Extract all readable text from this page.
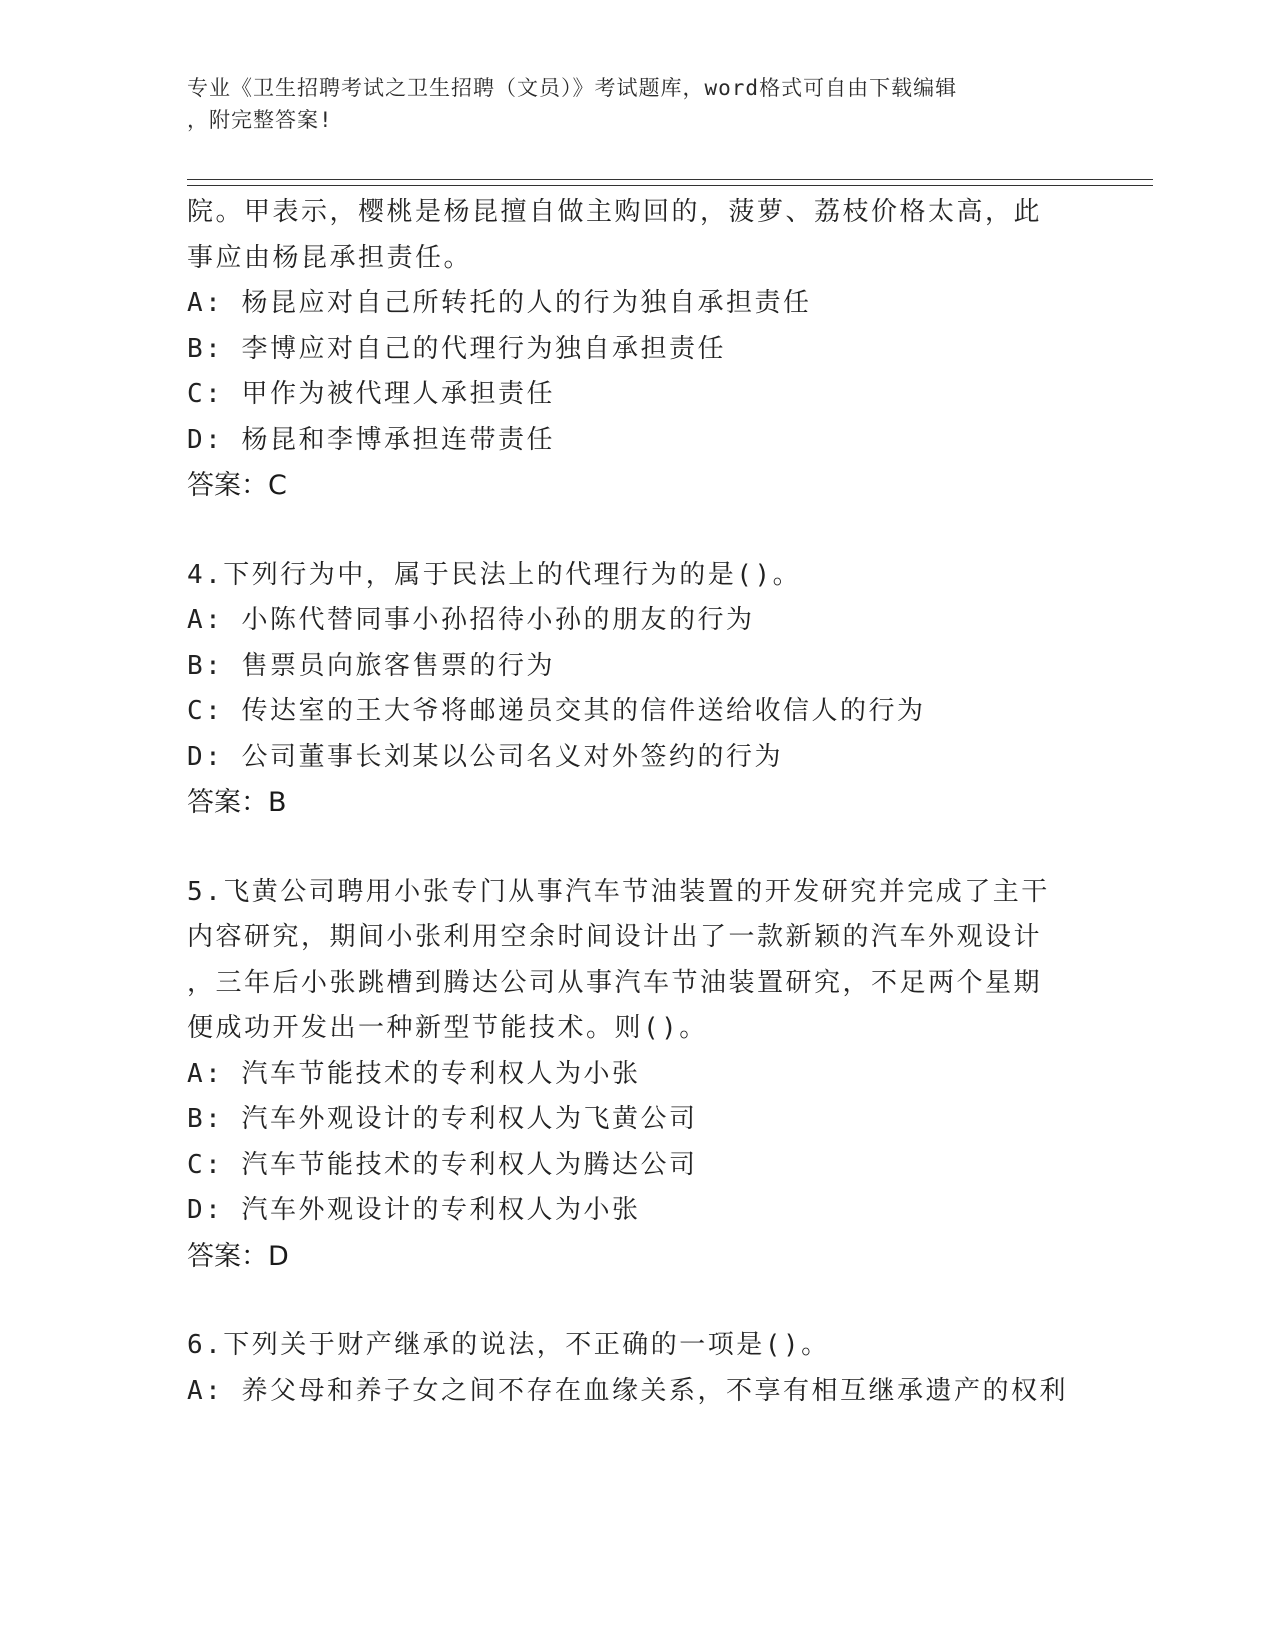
专业《卫生招聘考试之卫生招聘（文员）》考试题库，word格式可自由下载编辑
，附完整答案!
院。甲表示，樱桃是杨昆擅自做主购回的，菠萝、荔枝价格太高，此
事应由杨昆承担责任。
A: 杨昆应对自己所转托的人的行为独自承担责任
B: 李博应对自己的代理行为独自承担责任
C: 甲作为被代理人承担责任
D: 杨昆和李博承担连带责任
答案：C
4.下列行为中，属于民法上的代理行为的是()。
A: 小陈代替同事小孙招待小孙的朋友的行为
B: 售票员向旅客售票的行为
C: 传达室的王大爷将邮递员交其的信件送给收信人的行为
D: 公司董事长刘某以公司名义对外签约的行为
答案：B
5.飞黄公司聘用小张专门从事汽车节油装置的开发研究并完成了主干
内容研究，期间小张利用空余时间设计出了一款新颖的汽车外观设计
，三年后小张跳槽到腾达公司从事汽车节油装置研究，不足两个星期
便成功开发出一种新型节能技术。则()。
A: 汽车节能技术的专利权人为小张
B: 汽车外观设计的专利权人为飞黄公司
C: 汽车节能技术的专利权人为腾达公司
D: 汽车外观设计的专利权人为小张
答案：D
6.下列关于财产继承的说法，不正确的一项是()。
A: 养父母和养子女之间不存在血缘关系，不享有相互继承遗产的权利
